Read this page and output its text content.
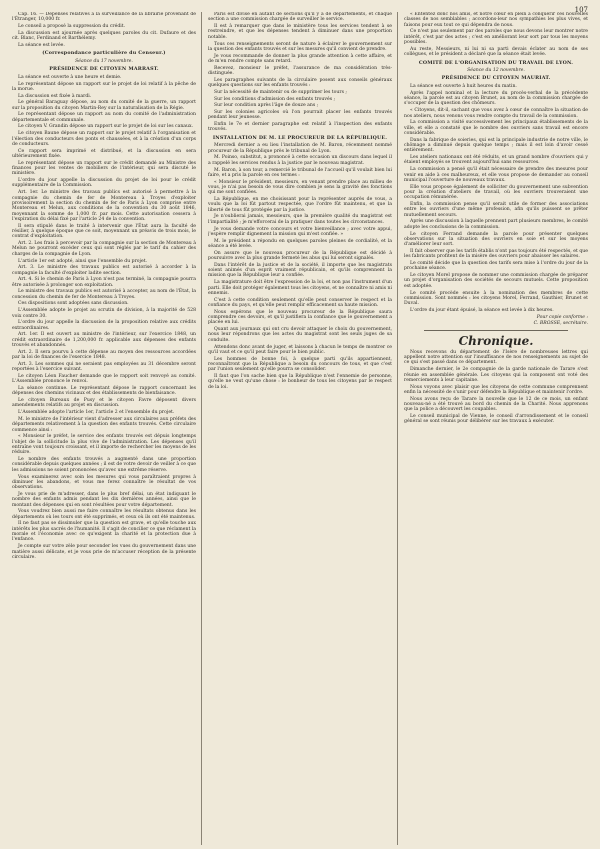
107

Cap. 16. — Dépenses relatives à la surveillance de la librairie provenant de l'Étranger, 10,000 fr.

Le conseil a proposé la suppression du crédit.

La discussion est ajournée après quelques paroles du cit. Dufaure et des cit. Blanc, Ferdinand et Barthélemy.

La séance est levée.

(Correspondance particulière du Censeur.)

Séance du 17 novembre.

PRÉSIDENCE DE CITOYEN MARRAST.

La séance est ouverte à une heure et demie.

Le représentant dépose un rapport sur le projet de loi relatif à la pêche de la morue.

La discussion est fixée à mardi.

Le général Baraguay dépose, au nom du comité de la guerre, un rapport sur la proposition du citoyen Martin-Rey sur la naturalisation de la Régie.

Le représentant dépose un rapport au nom du comité de l'administration départementale et communale.

Le citoyen V. Grandin dépose un rapport sur le projet de loi sur les canaux.

Le citoyen Baune dépose un rapport sur le projet relatif à l'organisation et l'élection des conducteurs des ponts et chaussées, et à la création d'un corps de conducteurs.

Ce rapport sera imprimé et distribué, et la discussion en sera ultérieurement fixée.

Le représentant dépose un rapport sur le crédit demandé au Ministre des finances pour les ventes de mobiliers de l'intérieur, qui sera discuté le ministère.

L'ordre du jour appelle la discussion du projet de loi pour le crédit supplémentaire de la Commission.

Art. 1er. Le ministre des travaux publics est autorisé à permettre à la compagnie du chemin de fer de Montereau à Troyes d'exploiter provisoirement la section du chemin de fer de Paris à Lyon comprise entre Montereau et Melun, aux conditions de la convention du 30 août 1846, moyennant la somme de 1,000 fr. par mois. Cette autorisation cessera à l'expiration du délai fixé par l'article 24 de la convention.

Il sera stipulé dans le traité à intervenir que l'État aura la faculté de résilier, à quelque époque que ce soit, moyennant un préavis de trois mois, le contrat d'exploitation.

Art. 2. Les frais à percevoir par la compagnie sur la section de Montereau à Melun ne pourront excéder ceux qui sont réglés par le tarif du cahier des charges de la compagnie de Lyon.

L'article 1er est adopté, ainsi que l'ensemble du projet.

Art. 3. Le ministre des travaux publics est autorisé à accorder à la compagnie la faculté d'exploiter ladite section.

Art. 4. Si le chemin de Paris à Lyon n'est pas terminé, la compagnie pourra être autorisée à prolonger son exploitation.

Le ministre des travaux publics est autorisé à accepter, au nom de l'État, la concession du chemin de fer de Montereau à Troyes.

Ces dispositions sont adoptées sans discussion.

L'Assemblée adopte le projet au scrutin de division, à la majorité de 528 voix contre 30.

L'ordre du jour appelle la discussion de la proposition relative aux crédits extraordinaires.

Art. 1er. Il est ouvert au ministre de l'intérieur, sur l'exercice 1848, un crédit extraordinaire de 1,200,000 fr. applicable aux dépenses des enfants trouvés et abandonnés.

Art. 2. Il sera pourvu à cette dépense au moyen des ressources accordées par la loi de finances de l'exercice 1848.

Art. 3. Les sommes qui ne seraient pas employées au 31 décembre seront reportées à l'exercice suivant.

Le citoyen Léon Faucher demande que le rapport soit renvoyé au comité. L'Assemblée prononce le renvoi.

La séance continue. Le représentant dépose le rapport concernant les dépenses des chemins vicinaux et des établissements de bienfaisance.

Le citoyen Bureaux de Pusy et le citoyen Favre déposent divers amendements relatifs au projet en discussion.

L'Assemblée adopte l'article 1er, l'article 2 et l'ensemble du projet.

M. le ministre de l'intérieur vient d'adresser aux circulaires aux préfets des départements relativement à la question des enfants trouvés. Cette circulaire commence ainsi :

« Monsieur le préfet, le service des enfants trouvés est dépuis longtemps l'objet de la sollicitude la plus vive de l'administration. Les dépenses qu'il entraîne vont toujours croissant, et il importe de rechercher les moyens de les réduire.

Le nombre des enfants trouvés a augmenté dans une proportion considérable depuis quelques années ; il est de votre devoir de veiller à ce que les admissions ne soient prononcées qu'avec une extrême réserve.

Vous examinerez avec soin les mesures qui vous paraîtraient propres à diminuer les abandons, et vous me ferez connaître le résultat de vos observations.

Je vous prie de m'adresser, dans le plus bref délai, un état indiquant le nombre des enfants admis pendant les dix dernières années, ainsi que le montant des dépenses qui en sont résultées pour votre département.

Vous voudrez bien aussi me faire connaître les résultats obtenus dans les départements où les tours ont été supprimés, et ceux où ils ont été maintenus.

Il ne faut pas se dissimuler que la question est grave, et qu'elle touche aux intérêts les plus sacrés de l'humanité. Il s'agit de concilier ce que réclament la morale et l'économie avec ce qu'exigent la charité et la protection due à l'enfance.

Je compte sur votre zèle pour seconder les vues du gouvernement dans une matière aussi délicate, et je vous prie de m'accuser réception de la présente circulaire.

Paris est divisé en autant de sections qu'il y a de départements, et chaque section a une commission chargée de surveiller le service.

Il est à remarquer que dans le ministère tous les services tendent à se restreindre, et que les dépenses tendent à diminuer dans une proportion notable.

Tous ces renseignements seront de nature à éclairer le gouvernement sur la question des enfants trouvés et sur les mesures qu'il convient de prendre.

Je vous recommande de donner la plus grande attention à cette affaire, et de m'en rendre compte sans retard.

Recevez, monsieur le préfet, l'assurance de ma considération très-distinguée.

Les paragraphes suivants de la circulaire posent aux conseils généraux quelques questions sur les enfants trouvés :

Sur la nécessité de maintenir ou de supprimer les tours ;

Sur les conditions d'admission des enfants trouvés ;

Sur leur condition après l'âge de douze ans ;

Sur les colonies agricoles où l'on pourrait placer les enfants trouvés pendant leur jeunesse.

Enfin le 7e et dernier paragraphe est relatif à l'inspection des enfants trouvés.

INSTALLATION DE M. LE PROCUREUR DE LA RÉPUBLIQUE.

Mercredi dernier a eu lieu l'installation de M. Baron, récemment nommé procureur de la République près le tribunal de Lyon.

M. Poinso, substitut, a prononcé à cette occasion un discours dans lequel il a rappelé les services rendus à la justice par le nouveau magistrat.

M. Baron, à son tour, a remercié le tribunal de l'accueil qu'il voulait bien lui faire, et a pris la parole en ces termes :

« Monsieur le président, messieurs, en venant prendre place au milieu de vous, je n'ai pas besoin de vous dire combien je sens la gravité des fonctions qui me sont confiées.

La République, en me choisissant pour la représenter auprès de vous, a voulu que la loi fût partout respectée, que l'ordre fût maintenu, et que la liberté de tous fût protégée par la justice.

Je n'oublierai jamais, messieurs, que la première qualité du magistrat est l'impartialité ; je m'efforcerai de la pratiquer dans toutes les circonstances.

Je vous demande votre concours et votre bienveillance ; avec votre appui, j'espère remplir dignement la mission qui m'est confiée. »

M. le président a répondu en quelques paroles pleines de cordialité, et la séance a été levée.

On assure que le nouveau procureur de la République est décidé à poursuivre avec la plus grande fermeté les abus qui lui seront signalés.

Dans l'intérêt de la justice et de la société, il importe que les magistrats soient animés d'un esprit vraiment républicain, et qu'ils comprennent la mission que la République leur a confiée.

La magistrature doit être l'expression de la loi, et non pas l'instrument d'un parti. Elle doit protéger également tous les citoyens, et ne connaître ni amis ni ennemis.

C'est à cette condition seulement qu'elle peut conserver le respect et la confiance du pays, et qu'elle peut remplir efficacement sa haute mission.

Nous espérons que le nouveau procureur de la République saura comprendre ces devoirs, et qu'il justifiera la confiance que le gouvernement a placée en lui.

Quant aux journaux qui ont cru devoir attaquer le choix du gouvernement, nous leur répondrons que les actes du magistrat sont les seuls juges de sa conduite.

Attendons donc avant de juger, et laissons à chacun le temps de montrer ce qu'il vaut et ce qu'il peut faire pour le bien public.

Les hommes de bonne foi, à quelque parti qu'ils appartiennent, reconnaîtront que la République a besoin du concours de tous, et que c'est par l'union seulement qu'elle pourra se consolider.

Il faut que l'on sache bien que la République n'est l'ennemie de personne, qu'elle ne veut qu'une chose : le bonheur de tous les citoyens par le respect de la loi.

« Ententez donc nos amis, et notre cœur en plein à conquérir ces nouvelles classes de nos semblables ; accordons-leur nos sympathies les plus vives, et faisons pour eux tout ce qui dépendra de nous.

Ce n'est pas seulement par des paroles que nous devons leur montrer notre intérêt, c'est par des actes ; c'est en améliorant leur sort par tous les moyens possibles.

Au reste, Messieurs, ni lui ni sa parti devais éclater au nom de ses collègues, et le président a déclaré que la séance était levée.

COMITÉ DE L'ORGANISATION DU TRAVAIL DE LYON.

Séance du 12 novembre.

PRÉSIDENCE DU CITOYEN MAURIAT.

La séance est ouverte à huit heures du matin.

Après l'appel nominal et la lecture du procès-verbal de la précédente séance, la parole est au citoyen Brunet, au nom de la commission chargée de s'occuper de la question des chômeurs.

« Citoyens, dit-il, sachant que vous avez à cœur de connaître la situation de nos ateliers, nous venons vous rendre compte du travail de la commission.

La commission a visité successivement les principaux établissements de la ville, et elle a constaté que le nombre des ouvriers sans travail est encore considérable.

Dans la fabrique de soieries, qui est la principale industrie de notre ville, le chômage a diminué depuis quelque temps ; mais il est loin d'avoir cessé entièrement.

Les ateliers nationaux ont été réduits, et un grand nombre d'ouvriers qui y étaient employés se trouvent aujourd'hui sans ressources.

La commission a pensé qu'il était nécessaire de prendre des mesures pour venir en aide à ces malheureux, et elle vous propose de demander au conseil municipal l'ouverture de nouveaux travaux.

Elle vous propose également de solliciter du gouvernement une subvention pour la création d'ateliers de travail, où les ouvriers trouveraient une occupation rémunérée.

Enfin, la commission pense qu'il serait utile de former des associations entre les ouvriers d'une même profession, afin qu'ils puissent se prêter mutuellement secours.

Après une discussion à laquelle prennent part plusieurs membres, le comité adopte les conclusions de la commission.

Le citoyen Ferrand demande la parole pour présenter quelques observations sur la situation des ouvriers en soie et sur les moyens d'améliorer leur sort.

Il fait observer que les tarifs établis n'ont pas toujours été respectés, et que les fabricants profitent de la misère des ouvriers pour abaisser les salaires.

Le comité décide que la question des tarifs sera mise à l'ordre du jour de la prochaine séance.

Le citoyen Morel propose de nommer une commission chargée de préparer un projet d'organisation des sociétés de secours mutuels. Cette proposition est adoptée.

Le comité procède ensuite à la nomination des membres de cette commission. Sont nommés : les citoyens Morel, Ferrand, Gauthier, Brunet et Duval.

L'ordre du jour étant épuisé, la séance est levée à dix heures.

Pour copie conforme :

C. BROSSE, secrétaire.

Chronique.

Nous recevons du département de l'Isère de nombreuses lettres qui appellent notre attention sur l'insuffisance de nos renseignements au sujet de ce qui s'est passé dans ce département.

Dimanche dernier, le 2e compagnie de la garde nationale de Tarare s'est réunie en assemblée générale. Les citoyens qui la composent ont voté des remerciements à leur capitaine.

Nous voyons avec plaisir que les citoyens de cette commune comprennent enfin la nécessité de s'unir pour défendre la République et maintenir l'ordre.

Nous avons reçu de Tarare la nouvelle que le 12 de ce mois, un enfant nouveau-né a été trouvé au bord du chemin de la Charité. Nous apprenons que la police a découvert les coupables.

Le conseil municipal de Vienne, le conseil d'arrondissement et le conseil général se sont réunis pour délibérer sur les travaux à exécuter.
